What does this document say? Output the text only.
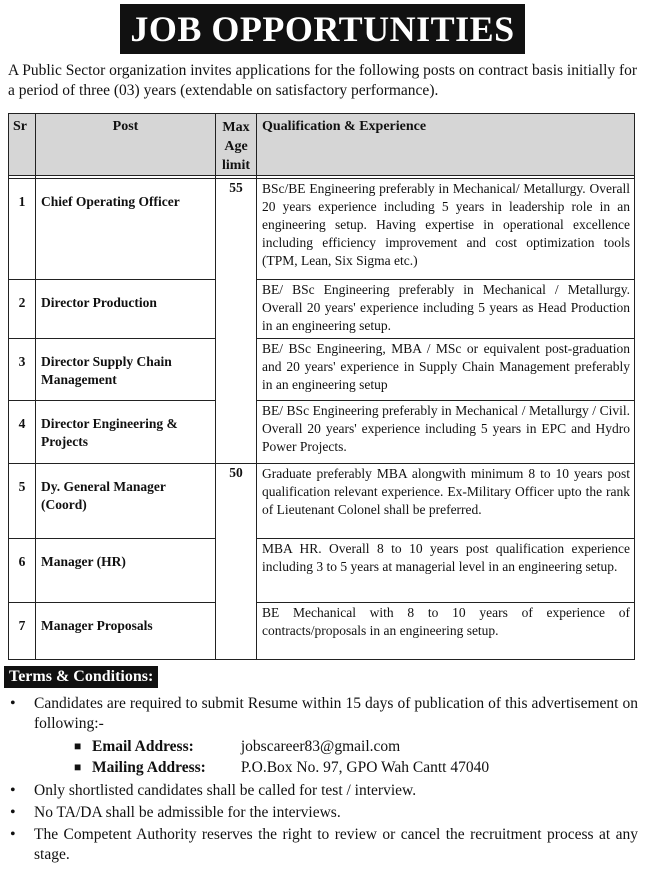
JOB OPPORTUNITIES

A Public Sector organization invites applications for the following posts on contract basis initially for a period of three (03) years (extendable on satisfactory performance).

Sr	Post	Max Age limit	Qualification & Experience

1	Chief Operating Officer	55	BSc/BE Engineering preferably in Mechanical/ Metallurgy. Overall 20 years experience including 5 years in leadership role in an engineering setup. Having expertise in operational excellence including efficiency improvement and cost optimization tools (TPM, Lean, Six Sigma etc.)
2	Director Production		BE/ BSc Engineering preferably in Mechanical / Metallurgy. Overall 20 years' experience including 5 years as Head Production in an engineering setup.
3	Director Supply Chain Management		BE/ BSc Engineering, MBA / MSc or equivalent post-graduation and 20 years' experience in Supply Chain Management preferably in an engineering setup
4	Director Engineering & Projects		BE/ BSc Engineering preferably in Mechanical / Metallurgy / Civil. Overall 20 years' experience including 5 years in EPC and Hydro Power Projects.
5	Dy. General Manager (Coord)	50	Graduate preferably MBA alongwith minimum 8 to 10 years post qualification relevant experience. Ex-Military Officer upto the rank of Lieutenant Colonel shall be preferred.
6	Manager (HR)		MBA HR. Overall 8 to 10 years post qualification experience including 3 to 5 years at managerial level in an engineering setup.
7	Manager Proposals		BE Mechanical with 8 to 10 years of experience of contracts/proposals in an engineering setup.
Terms & Conditions:
• Candidates are required to submit Resume within 15 days of publication of this advertisement on following:-
■ Email Address:	jobscareer83@gmail.com
■ Mailing Address: P.O.Box No. 97, GPO Wah Cantt 47040
• Only shortlisted candidates shall be called for test / interview.
• No TA/DA shall be admissible for the interviews.
• The Competent Authority reserves the right to review or cancel the recruitment process at any stage.
